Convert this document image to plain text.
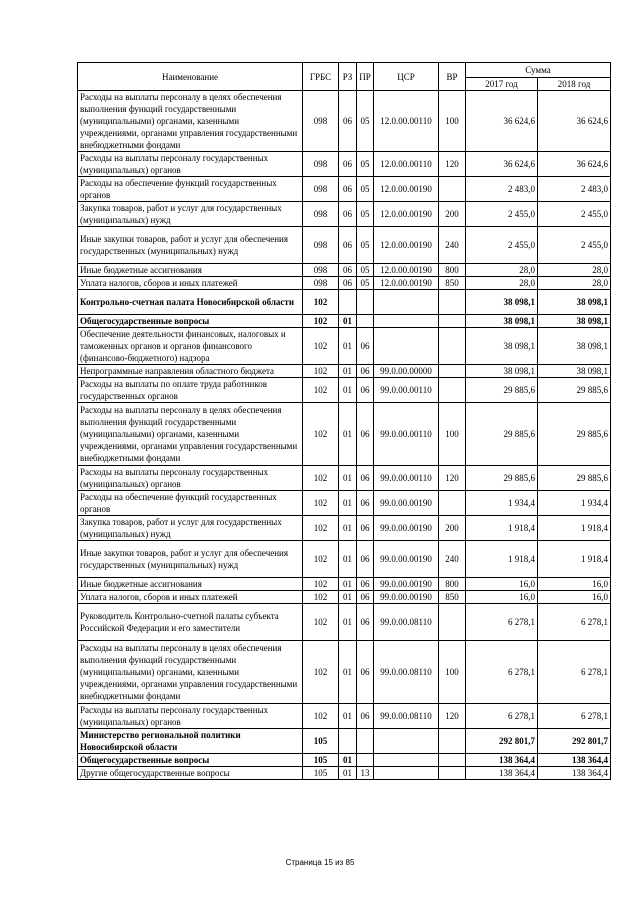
Наименование	ГРБС	РЗ	ПР	ЦСР	ВР	Сумма	
						2017 год	2018 год
Расходы на выплаты персоналу в целях обеспечения выполнения функций государственными (муниципальными) органами, казенными учреждениями, органами управления государственными внебюджетными фондами	098	06	05	12.0.00.00110	100	36 624,6	36 624,6
Расходы на выплаты персоналу государственных (муниципальных) органов	098	06	05	12.0.00.00110	120	36 624,6	36 624,6
Расходы на обеспечение функций государственных органов	098	06	05	12.0.00.00190		2 483,0	2 483,0
Закупка товаров, работ и услуг для государственных (муниципальных) нужд	098	06	05	12.0.00.00190	200	2 455,0	2 455,0
Иные закупки товаров, работ и услуг для обеспечения государственных (муниципальных) нужд	098	06	05	12.0.00.00190	240	2 455,0	2 455,0
Иные бюджетные ассигнования	098	06	05	12.0.00.00190	800	28,0	28,0
Уплата налогов, сборов и иных платежей	098	06	05	12.0.00.00190	850	28,0	28,0
Контрольно-счетная палата Новосибирской области	102					38 098,1	38 098,1
Общегосударственные вопросы	102	01				38 098,1	38 098,1
Обеспечение деятельности финансовых, налоговых и таможенных органов и органов финансового (финансово-бюджетного) надзора	102	01	06			38 098,1	38 098,1
Непрограммные направления областного бюджета	102	01	06	99.0.00.00000		38 098,1	38 098,1
Расходы на выплаты по оплате труда работников государственных органов	102	01	06	99.0.00.00110		29 885,6	29 885,6
Расходы на выплаты персоналу в целях обеспечения выполнения функций государственными (муниципальными) органами, казенными учреждениями, органами управления государственными внебюджетными фондами	102	01	06	99.0.00.00110	100	29 885,6	29 885,6
Расходы на выплаты персоналу государственных (муниципальных) органов	102	01	06	99.0.00.00110	120	29 885,6	29 885,6
Расходы на обеспечение функций государственных органов	102	01	06	99.0.00.00190		1 934,4	1 934,4
Закупка товаров, работ и услуг для государственных (муниципальных) нужд	102	01	06	99.0.00.00190	200	1 918,4	1 918,4
Иные закупки товаров, работ и услуг для обеспечения государственных (муниципальных) нужд	102	01	06	99.0.00.00190	240	1 918,4	1 918,4
Иные бюджетные ассигнования	102	01	06	99.0.00.00190	800	16,0	16,0
Уплата налогов, сборов и иных платежей	102	01	06	99.0.00.00190	850	16,0	16,0
Руководитель Контрольно-счетной палаты субъекта Российской Федерации и его заместители	102	01	06	99.0.00.08110		6 278,1	6 278,1
Расходы на выплаты персоналу в целях обеспечения выполнения функций государственными (муниципальными) органами, казенными учреждениями, органами управления государственными внебюджетными фондами	102	01	06	99.0.00.08110	100	6 278,1	6 278,1
Расходы на выплаты персоналу государственных (муниципальных) органов	102	01	06	99.0.00.08110	120	6 278,1	6 278,1
Министерство региональной политики Новосибирской области	105					292 801,7	292 801,7
Общегосударственные вопросы	105	01				138 364,4	138 364,4
Другие общегосударственные вопросы	105	01	13			138 364,4	138 364,4
Страница 15 из 85
